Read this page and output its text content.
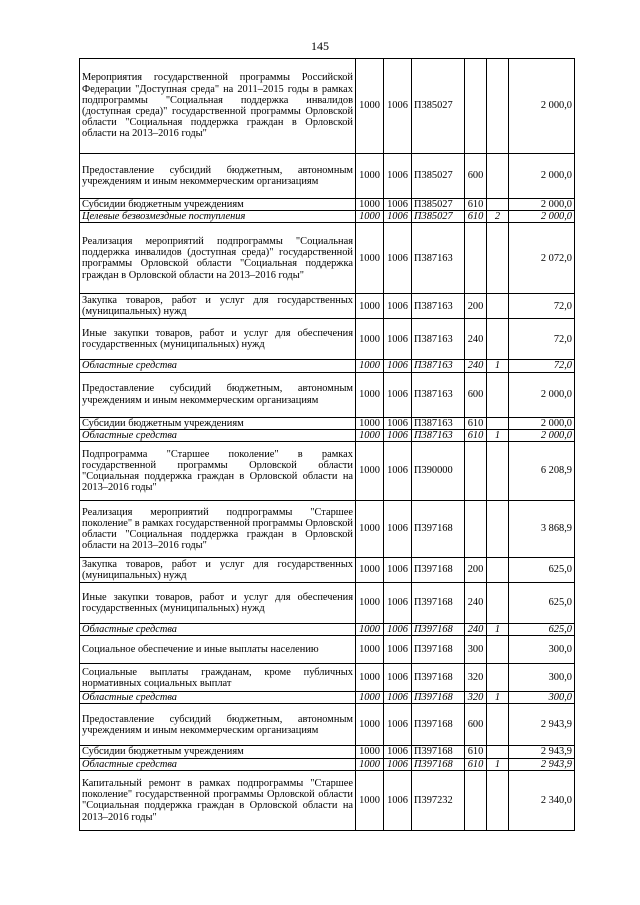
145
Мероприятия государственной программы Российской Федерации "Доступная среда" на 2011–2015 годы в рамках подпрограммы "Социальная поддержка инвалидов (доступная среда)" государственной программы Орловской области "Социальная поддержка граждан в Орловской области на 2013–2016 годы"	1000	1006	П385027			2 000,0
Предоставление субсидий бюджетным, автономным учреждениям и иным некоммерческим организациям	1000	1006	П385027	600		2 000,0
Субсидии бюджетным учреждениям	1000	1006	П385027	610		2 000,0
Целевые безвозмездные поступления	1000	1006	П385027	610	2	2 000,0
Реализация мероприятий подпрограммы "Социальная поддержка инвалидов (доступная среда)" государственной программы Орловской области "Социальная поддержка граждан в Орловской области на 2013–2016 годы"	1000	1006	П387163			2 072,0
Закупка товаров, работ и услуг для государственных (муниципальных) нужд	1000	1006	П387163	200		72,0
Иные закупки товаров, работ и услуг для обеспечения государственных (муниципальных) нужд	1000	1006	П387163	240		72,0
Областные средства	1000	1006	П387163	240	1	72,0
Предоставление субсидий бюджетным, автономным учреждениям и иным некоммерческим организациям	1000	1006	П387163	600		2 000,0
Субсидии бюджетным учреждениям	1000	1006	П387163	610		2 000,0
Областные средства	1000	1006	П387163	610	1	2 000,0
Подпрограмма "Старшее поколение" в рамках государственной программы Орловской области "Социальная поддержка граждан в Орловской области на 2013–2016 годы"	1000	1006	П390000			6 208,9
Реализация мероприятий подпрограммы "Старшее поколение" в рамках государственной программы Орловской области "Социальная поддержка граждан в Орловской области на 2013–2016 годы"	1000	1006	П397168			3 868,9
Закупка товаров, работ и услуг для государственных (муниципальных) нужд	1000	1006	П397168	200		625,0
Иные закупки товаров, работ и услуг для обеспечения государственных (муниципальных) нужд	1000	1006	П397168	240		625,0
Областные средства	1000	1006	П397168	240	1	625,0
Социальное обеспечение и иные выплаты населению	1000	1006	П397168	300		300,0
Социальные выплаты гражданам, кроме публичных нормативных социальных выплат	1000	1006	П397168	320		300,0
Областные средства	1000	1006	П397168	320	1	300,0
Предоставление субсидий бюджетным, автономным учреждениям и иным некоммерческим организациям	1000	1006	П397168	600		2 943,9
Субсидии бюджетным учреждениям	1000	1006	П397168	610		2 943,9
Областные средства	1000	1006	П397168	610	1	2 943,9
Капитальный ремонт в рамках подпрограммы "Старшее поколение" государственной программы Орловской области "Социальная поддержка граждан в Орловской области на 2013–2016 годы"	1000	1006	П397232			2 340,0
